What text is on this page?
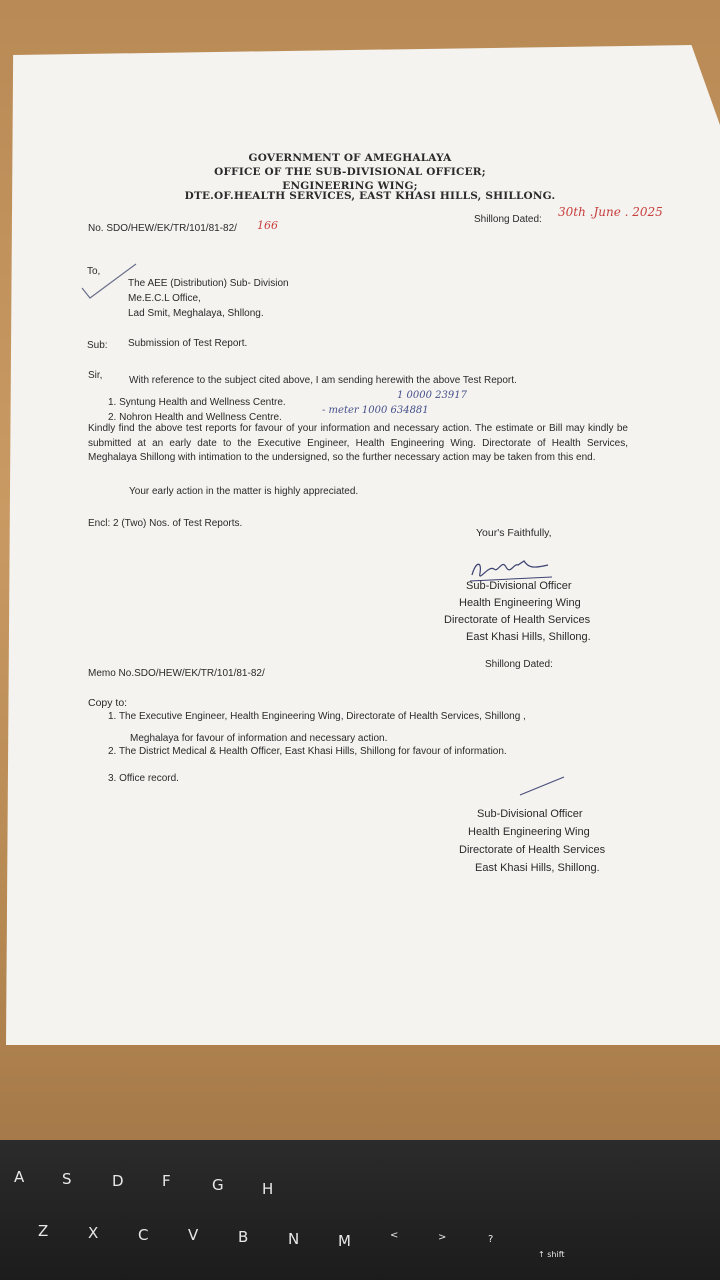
GOVERNMENT OF AMEGHALAYA
OFFICE OF THE SUB-DIVISIONAL OFFICER;
ENGINEERING WING;
DTE.OF.HEALTH SERVICES, EAST KHASI HILLS, SHILLONG.
No. SDO/HEW/EK/TR/101/81-82/ 166	Shillong Dated:
30th .June . 2025
To,
The AEE (Distribution) Sub- Division
Me.E.C.L Office,
Lad Smit, Meghalaya, Shllong.
Sub: Submission of Test Report.
Sir,	With reference to the subject cited above, I am sending herewith the above Test Report.
1. Syntung Health and Wellness Centre.
1 0000 23917
2. Nohron Health and Wellness Centre.
- meter 1000 634881
Kindly find the above test reports for favour of your information and necessary action. The estimate or Bill may kindly be submitted at an early date to the Executive Engineer, Health Engineering Wing. Directorate of Health Services, Meghalaya Shillong with intimation to the undersigned, so the further necessary action may be taken from this end.
Your early action in the matter is highly appreciated.
Encl: 2 (Two) Nos. of Test Reports.
Your's Faithfully,
Sub-Divisional Officer
Health Engineering Wing
Directorate of Health Services
East Khasi Hills, Shillong.
Memo No.SDO/HEW/EK/TR/101/81-82/
Shillong Dated:
Copy to:
1. The Executive Engineer, Health Engineering Wing, Directorate of Health Services, Shillong ,
Meghalaya for favour of information and necessary action.
2. The District Medical & Health Officer, East Khasi Hills, Shillong for favour of information.
3. Office record.
Sub-Divisional Officer
Health Engineering Wing
Directorate of Health Services
East Khasi Hills, Shillong.
A	S	D	F	G	H
Z	X	C	V	B	N	M	<	>	?
↑ shift
